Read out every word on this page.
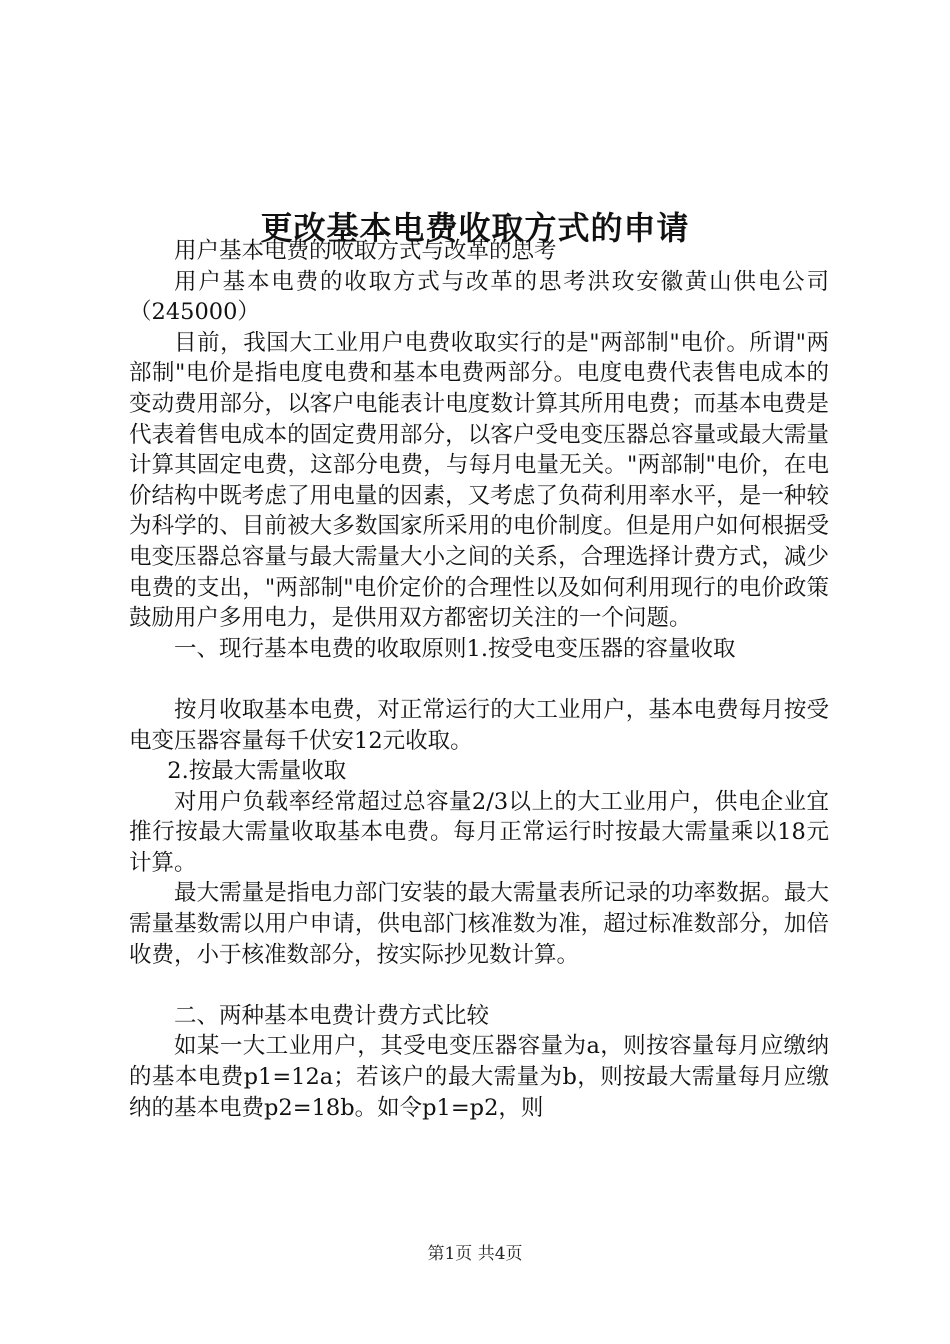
更改基本电费收取方式的申请

用户基本电费的收取方式与改革的思考

用户基本电费的收取方式与改革的思考洪玫安徽黄山供电公司（245000）

目前，我国大工业用户电费收取实行的是"两部制"电价。所谓"两部制"电价是指电度电费和基本电费两部分。电度电费代表售电成本的变动费用部分，以客户电能表计电度数计算其所用电费；而基本电费是代表着售电成本的固定费用部分，以客户受电变压器总容量或最大需量计算其固定电费，这部分电费，与每月电量无关。"两部制"电价，在电价结构中既考虑了用电量的因素，又考虑了负荷利用率水平，是一种较为科学的、目前被大多数国家所采用的电价制度。但是用户如何根据受电变压器总容量与最大需量大小之间的关系，合理选择计费方式，减少电费的支出，"两部制"电价定价的合理性以及如何利用现行的电价政策鼓励用户多用电力，是供用双方都密切关注的一个问题。

一、现行基本电费的收取原则1.按受电变压器的容量收取

按月收取基本电费，对正常运行的大工业用户，基本电费每月按受电变压器容量每千伏安12元收取。

2.按最大需量收取

对用户负载率经常超过总容量2/3以上的大工业用户，供电企业宜推行按最大需量收取基本电费。每月正常运行时按最大需量乘以18元计算。

最大需量是指电力部门安装的最大需量表所记录的功率数据。最大需量基数需以用户申请，供电部门核准数为准，超过标准数部分，加倍收费，小于核准数部分，按实际抄见数计算。

二、两种基本电费计费方式比较

如某一大工业用户，其受电变压器容量为a，则按容量每月应缴纳的基本电费p1=12a；若该户的最大需量为b，则按最大需量每月应缴纳的基本电费p2=18b。如令p1=p2，则

第1页 共4页
